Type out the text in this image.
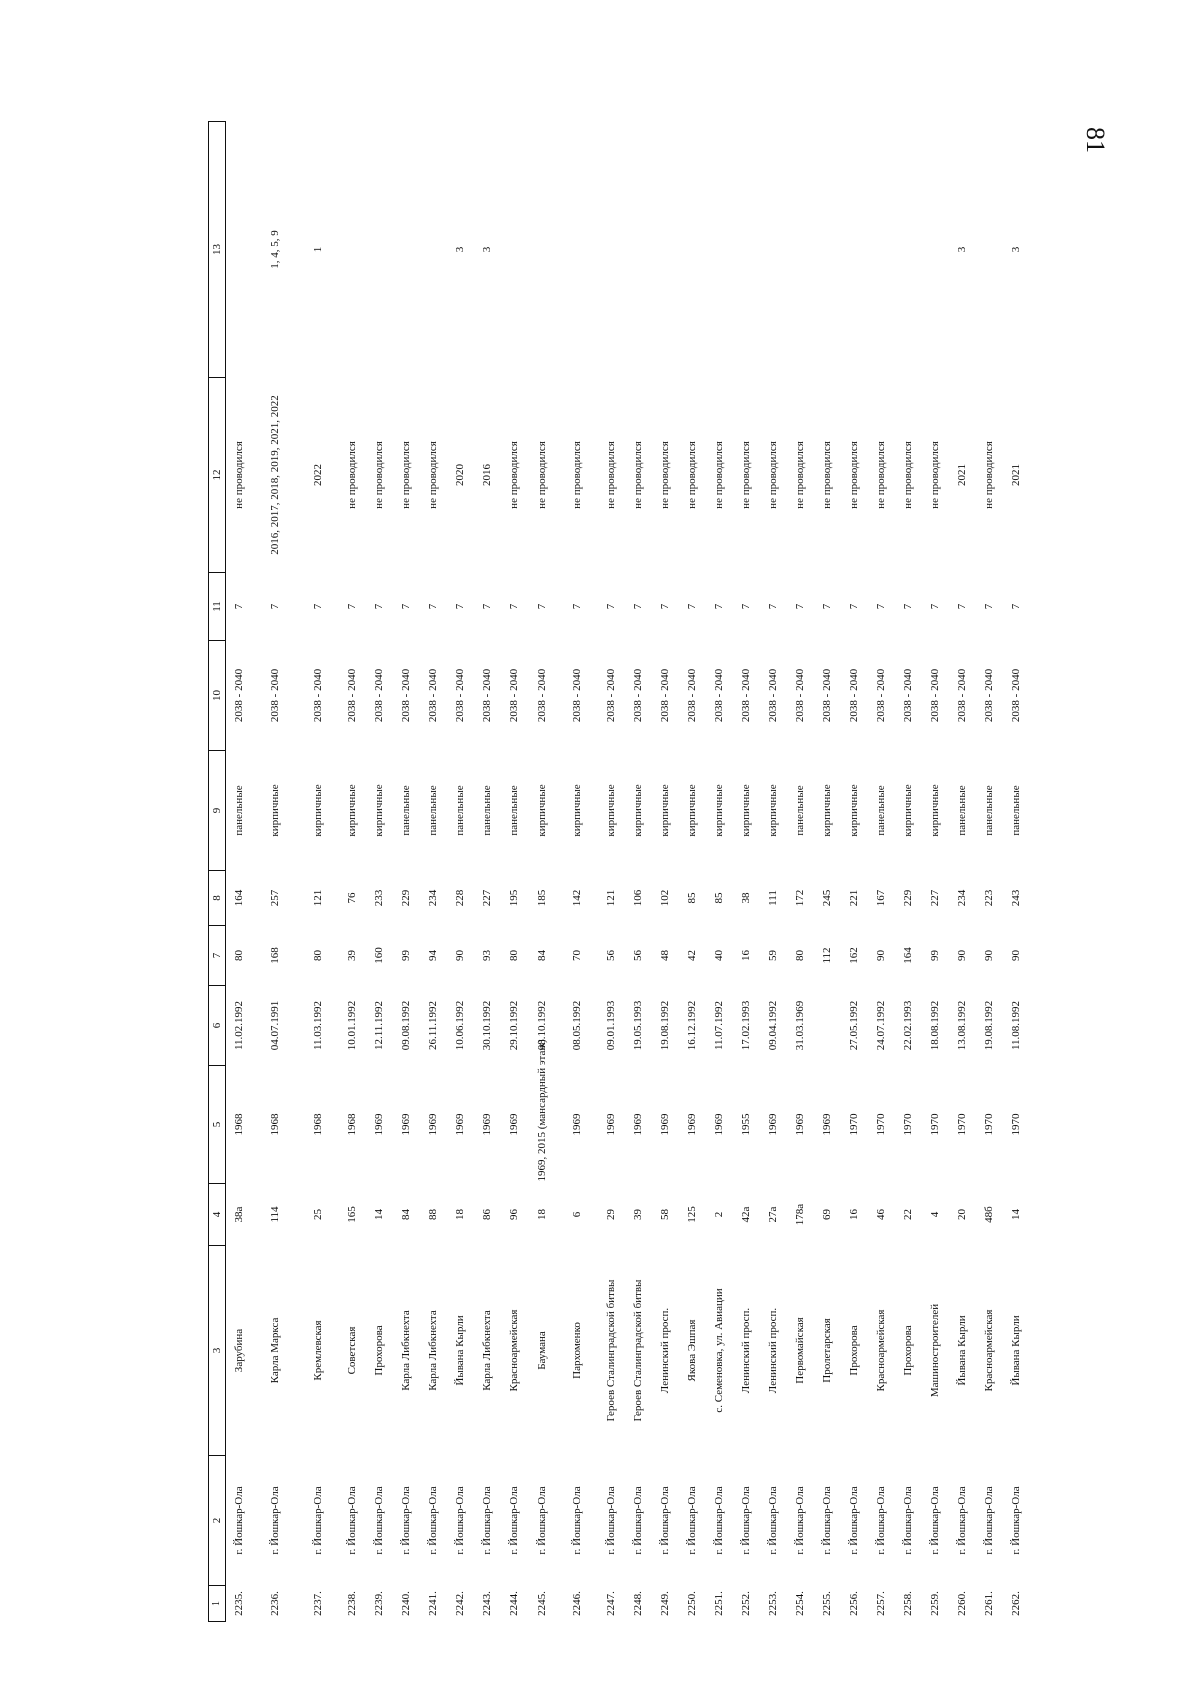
81
1	2	3	4	5	6	7	8	9	10	11	12	13
2235.	г. Йошкар-Ола	Зарубина	38а	1968	11.02.1992	80	164	панельные	2038 - 2040	7	не проводился	
2236.	г. Йошкар-Ола	Карла Маркса	114	1968	04.07.1991	168	257	кирпичные	2038 - 2040	7	2016, 2017, 2018, 2019, 2021, 2022	1, 4, 5, 9
2237.	г. Йошкар-Ола	Кремлевская	25	1968	11.03.1992	80	121	кирпичные	2038 - 2040	7	2022	1
2238.	г. Йошкар-Ола	Советская	165	1968	10.01.1992	39	76	кирпичные	2038 - 2040	7	не проводился	
2239.	г. Йошкар-Ола	Прохорова	14	1969	12.11.1992	160	233	кирпичные	2038 - 2040	7	не проводился	
2240.	г. Йошкар-Ола	Карла Либкнехта	84	1969	09.08.1992	99	229	панельные	2038 - 2040	7	не проводился	
2241.	г. Йошкар-Ола	Карла Либкнехта	88	1969	26.11.1992	94	234	панельные	2038 - 2040	7	не проводился	
2242.	г. Йошкар-Ола	Йывана Кырли	18	1969	10.06.1992	90	228	панельные	2038 - 2040	7	2020	3
2243.	г. Йошкар-Ола	Карла Либкнехта	86	1969	30.10.1992	93	227	панельные	2038 - 2040	7	2016	3
2244.	г. Йошкар-Ола	Красноармейская	96	1969	29.10.1992	80	195	панельные	2038 - 2040	7	не проводился	
2245.	г. Йошкар-Ола	Баумана	18	1969, 2015 (мансардный этаж)	08.10.1992	84	185	кирпичные	2038 - 2040	7	не проводился	
2246.	г. Йошкар-Ола	Пархоменко	6	1969	08.05.1992	70	142	кирпичные	2038 - 2040	7	не проводился	
2247.	г. Йошкар-Ола	Героев Сталинградской битвы	29	1969	09.01.1993	56	121	кирпичные	2038 - 2040	7	не проводился	
2248.	г. Йошкар-Ола	Героев Сталинградской битвы	39	1969	19.05.1993	56	106	кирпичные	2038 - 2040	7	не проводился	
2249.	г. Йошкар-Ола	Ленинский просп.	58	1969	19.08.1992	48	102	кирпичные	2038 - 2040	7	не проводился	
2250.	г. Йошкар-Ола	Якова Эшпая	125	1969	16.12.1992	42	85	кирпичные	2038 - 2040	7	не проводился	
2251.	г. Йошкар-Ола	с. Семеновка, ул. Авиации	2	1969	11.07.1992	40	85	кирпичные	2038 - 2040	7	не проводился	
2252.	г. Йошкар-Ола	Ленинский просп.	42а	1955	17.02.1993	16	38	кирпичные	2038 - 2040	7	не проводился	
2253.	г. Йошкар-Ола	Ленинский просп.	27а	1969	09.04.1992	59	111	кирпичные	2038 - 2040	7	не проводился	
2254.	г. Йошкар-Ола	Первомайская	178а	1969	31.03.1969	80	172	панельные	2038 - 2040	7	не проводился	
2255.	г. Йошкар-Ола	Пролетарская	69	1969		112	245	кирпичные	2038 - 2040	7	не проводился	
2256.	г. Йошкар-Ола	Прохорова	16	1970	27.05.1992	162	221	кирпичные	2038 - 2040	7	не проводился	
2257.	г. Йошкар-Ола	Красноармейская	46	1970	24.07.1992	90	167	панельные	2038 - 2040	7	не проводился	
2258.	г. Йошкар-Ола	Прохорова	22	1970	22.02.1993	164	229	кирпичные	2038 - 2040	7	не проводился	
2259.	г. Йошкар-Ола	Машиностроителей	4	1970	18.08.1992	99	227	кирпичные	2038 - 2040	7	не проводился	
2260.	г. Йошкар-Ола	Йывана Кырли	20	1970	13.08.1992	90	234	панельные	2038 - 2040	7	2021	3
2261.	г. Йошкар-Ола	Красноармейская	48б	1970	19.08.1992	90	223	панельные	2038 - 2040	7	не проводился	
2262.	г. Йошкар-Ола	Йывана Кырли	14	1970	11.08.1992	90	243	панельные	2038 - 2040	7	2021	3
